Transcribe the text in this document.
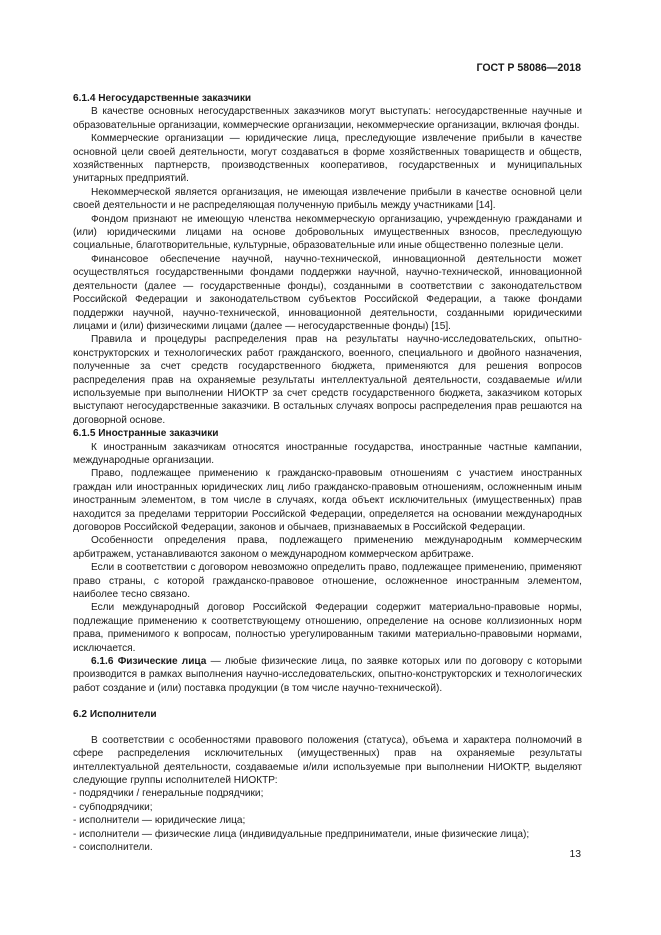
ГОСТ Р 58086—2018

6.1.4 Негосударственные заказчики

В качестве основных негосударственных заказчиков могут выступать: негосударственные научные и образовательные организации, коммерческие организации, некоммерческие организации, включая фонды.

Коммерческие организации — юридические лица, преследующие извлечение прибыли в качестве основной цели своей деятельности, могут создаваться в форме хозяйственных товариществ и обществ, хозяйственных партнерств, производственных кооперативов, государственных и муниципальных унитарных предприятий.

Некоммерческой является организация, не имеющая извлечение прибыли в качестве основной цели своей деятельности и не распределяющая полученную прибыль между участниками [14].

Фондом признают не имеющую членства некоммерческую организацию, учрежденную гражданами и (или) юридическими лицами на основе добровольных имущественных взносов, преследующую социальные, благотворительные, культурные, образовательные или иные общественно полезные цели.

Финансовое обеспечение научной, научно-технической, инновационной деятельности может осуществляться государственными фондами поддержки научной, научно-технической, инновационной деятельности (далее — государственные фонды), созданными в соответствии с законодательством Российской Федерации и законодательством субъектов Российской Федерации, а также фондами поддержки научной, научно-технической, инновационной деятельности, созданными юридическими лицами и (или) физическими лицами (далее — негосударственные фонды) [15].

Правила и процедуры распределения прав на результаты научно-исследовательских, опытно-конструкторских и технологических работ гражданского, военного, специального и двойного назначения, полученные за счет средств государственного бюджета, применяются для решения вопросов распределения прав на охраняемые результаты интеллектуальной деятельности, создаваемые и/или используемые при выполнении НИОКТР за счет средств государственного бюджета, заказчиком которых выступают негосударственные заказчики. В остальных случаях вопросы распределения прав решаются на договорной основе.

6.1.5 Иностранные заказчики

К иностранным заказчикам относятся иностранные государства, иностранные частные кампании, международные организации.

Право, подлежащее применению к гражданско-правовым отношениям с участием иностранных граждан или иностранных юридических лиц либо гражданско-правовым отношениям, осложненным иным иностранным элементом, в том числе в случаях, когда объект исключительных (имущественных) прав находится за пределами территории Российской Федерации, определяется на основании международных договоров Российской Федерации, законов и обычаев, признаваемых в Российской Федерации.

Особенности определения права, подлежащего применению международным коммерческим арбитражем, устанавливаются законом о международном коммерческом арбитраже.

Если в соответствии с договором невозможно определить право, подлежащее применению, применяют право страны, с которой гражданско-правовое отношение, осложненное иностранным элементом, наиболее тесно связано.

Если международный договор Российской Федерации содержит материально-правовые нормы, подлежащие применению к соответствующему отношению, определение на основе коллизионных норм права, применимого к вопросам, полностью урегулированным такими материально-правовыми нормами, исключается.

6.1.6 Физические лица — любые физические лица, по заявке которых или по договору с которыми производится в рамках выполнения научно-исследовательских, опытно-конструкторских и технологических работ создание и (или) поставка продукции (в том числе научно-технической).

6.2 Исполнители

В соответствии с особенностями правового положения (статуса), объема и характера полномочий в сфере распределения исключительных (имущественных) прав на охраняемые результаты интеллектуальной деятельности, создаваемые и/или используемые при выполнении НИОКТР, выделяют следующие группы исполнителей НИОКТР:

- подрядчики / генеральные подрядчики;
- субподрядчики;
- исполнители — юридические лица;
- исполнители — физические лица (индивидуальные предприниматели, иные физические лица);
- соисполнители.
13
